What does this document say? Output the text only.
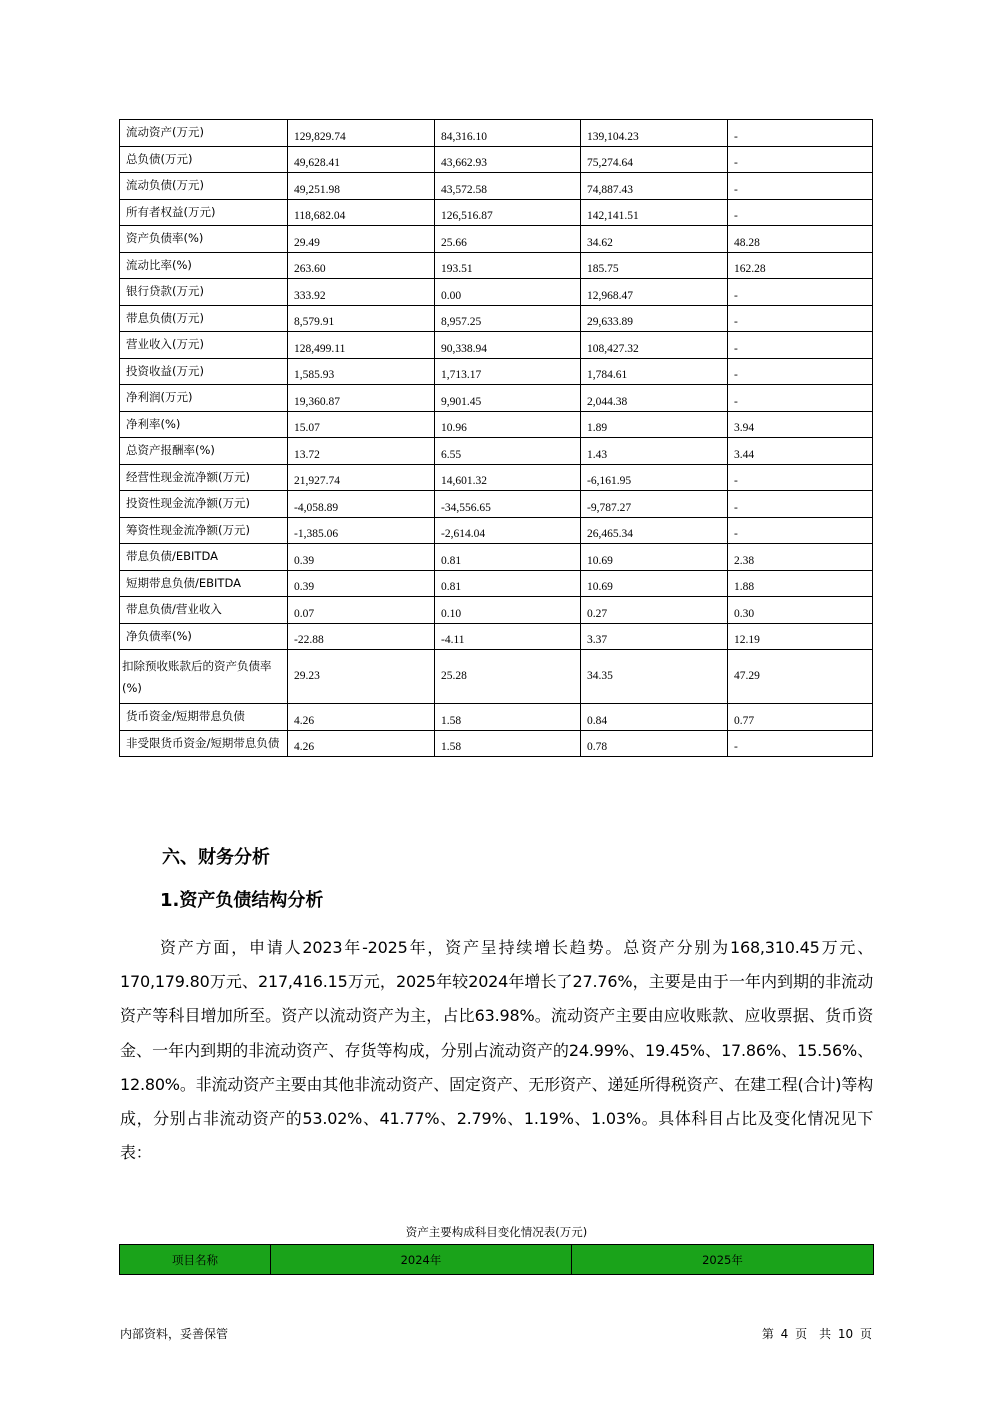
流动资产(万元)	129,829.74	84,316.10	139,104.23	-
总负债(万元)	49,628.41	43,662.93	75,274.64	-
流动负债(万元)	49,251.98	43,572.58	74,887.43	-
所有者权益(万元)	118,682.04	126,516.87	142,141.51	-
资产负债率(%)	29.49	25.66	34.62	48.28
流动比率(%)	263.60	193.51	185.75	162.28
银行贷款(万元)	333.92	0.00	12,968.47	-
带息负债(万元)	8,579.91	8,957.25	29,633.89	-
营业收入(万元)	128,499.11	90,338.94	108,427.32	-
投资收益(万元)	1,585.93	1,713.17	1,784.61	-
净利润(万元)	19,360.87	9,901.45	2,044.38	-
净利率(%)	15.07	10.96	1.89	3.94
总资产报酬率(%)	13.72	6.55	1.43	3.44
经营性现金流净额(万元)	21,927.74	14,601.32	-6,161.95	-
投资性现金流净额(万元)	-4,058.89	-34,556.65	-9,787.27	-
筹资性现金流净额(万元)	-1,385.06	-2,614.04	26,465.34	-
带息负债/EBITDA	0.39	0.81	10.69	2.38
短期带息负债/EBITDA	0.39	0.81	10.69	1.88
带息负债/营业收入	0.07	0.10	0.27	0.30
净负债率(%)	-22.88	-4.11	3.37	12.19
扣除预收账款后的资产负债率(%)	29.23	25.28	34.35	47.29
货币资金/短期带息负债	4.26	1.58	0.84	0.77
非受限货币资金/短期带息负债	4.26	1.58	0.78	-
六、财务分析
1.资产负债结构分析
资产方面，申请人2023年-2025年，资产呈持续增长趋势。总资产分别为168,310.45万元、170,179.80万元、217,416.15万元，2025年较2024年增长了27.76%，主要是由于一年内到期的非流动资产等科目增加所至。资产以流动资产为主，占比63.98%。流动资产主要由应收账款、应收票据、货币资金、一年内到期的非流动资产、存货等构成，分别占流动资产的24.99%、19.45%、17.86%、15.56%、12.80%。非流动资产主要由其他非流动资产、固定资产、无形资产、递延所得税资产、在建工程(合计)等构成，分别占非流动资产的53.02%、41.77%、2.79%、1.19%、1.03%。具体科目占比及变化情况见下表：
资产主要构成科目变化情况表(万元)
项目名称	2024年	2025年
内部资料，妥善保管	第 4 页　共 10 页
